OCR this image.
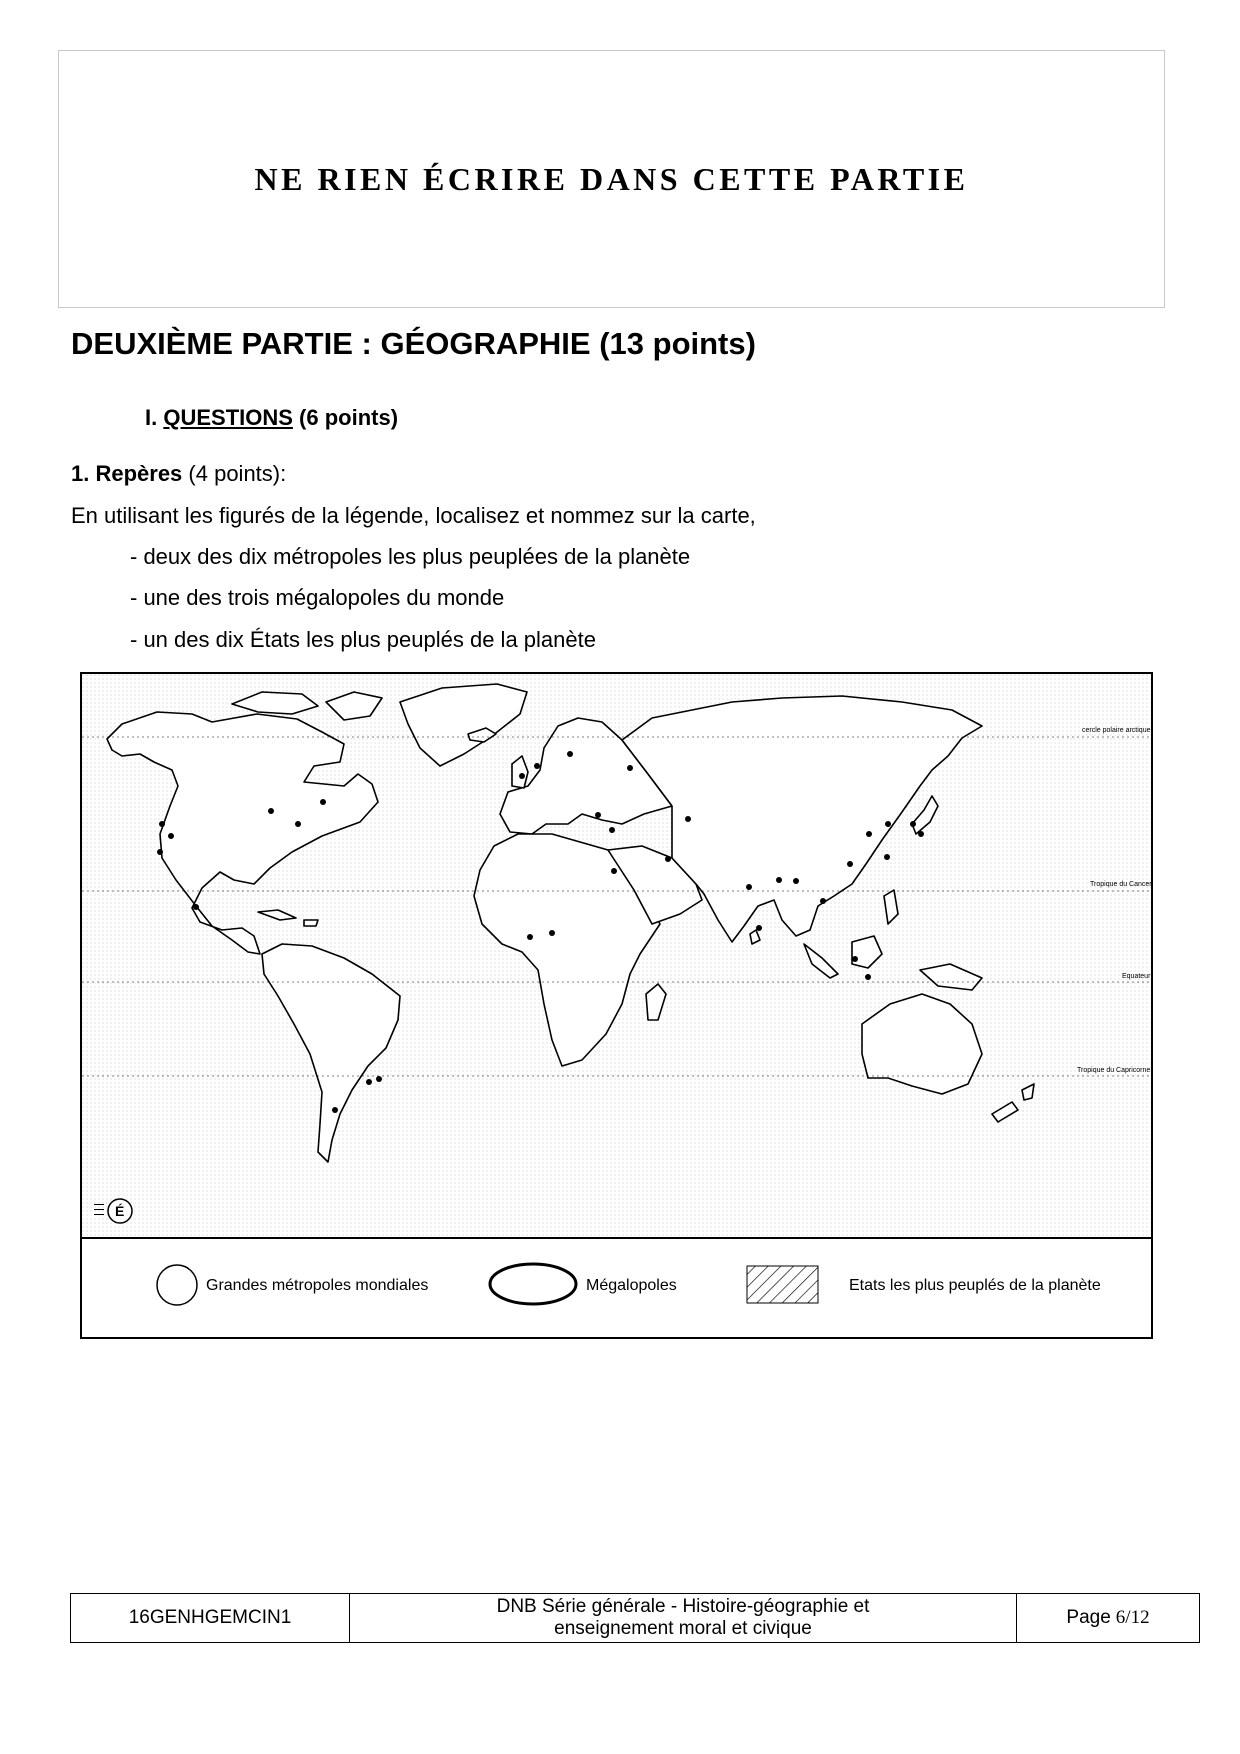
NE RIEN ÉCRIRE DANS CETTE PARTIE
DEUXIÈME PARTIE : GÉOGRAPHIE (13 points)
I. QUESTIONS (6 points)
1. Repères (4 points):
En utilisant les figurés de la légende, localisez et nommez sur la carte,
- deux des dix métropoles les plus peuplées de la planète
- une des trois mégalopoles du monde
- un des dix États les plus peuplés de la planète
cercle polaire arctique
Tropique du Cancer
Equateur
Tropique du Capricorne
É
Grandes métropoles mondiales	Mégalopoles	Etats les plus peuplés de la planète
16GENHGEMCIN1
DNB Série générale - Histoire-géographie et
enseignement moral et civique
Page 6/12
